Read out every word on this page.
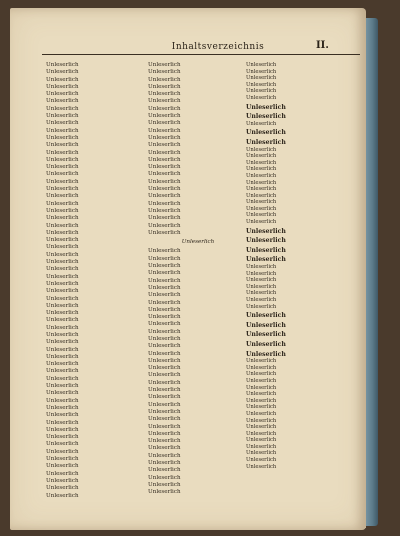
Inhaltsverzeichnis	II.
Unleserlich
Unleserlich
Unleserlich
Unleserlich
Unleserlich
Unleserlich
Unleserlich
Unleserlich
Unleserlich
Unleserlich
Unleserlich
Unleserlich
Unleserlich
Unleserlich
Unleserlich
Unleserlich
Unleserlich
Unleserlich
Unleserlich
Unleserlich
Unleserlich
Unleserlich
Unleserlich
Unleserlich
Unleserlich
Unleserlich
Unleserlich
Unleserlich
Unleserlich
Unleserlich
Unleserlich
Unleserlich
Unleserlich
Unleserlich
Unleserlich
Unleserlich
Unleserlich
Unleserlich
Unleserlich
Unleserlich
Unleserlich
Unleserlich
Unleserlich
Unleserlich
Unleserlich
Unleserlich
Unleserlich
Unleserlich
Unleserlich
Unleserlich
Unleserlich
Unleserlich
Unleserlich
Unleserlich
Unleserlich
Unleserlich
Unleserlich
Unleserlich
Unleserlich
Unleserlich
Unleserlich
Unleserlich
Unleserlich
Unleserlich
Unleserlich
Unleserlich
Unleserlich
Unleserlich
Unleserlich
Unleserlich
Unleserlich
Unleserlich
Unleserlich
Unleserlich
Unleserlich
Unleserlich
Unleserlich
Unleserlich
Unleserlich
Unleserlich
Unleserlich
Unleserlich
Unleserlich
Unleserlich
Unleserlich
Unleserlich
Unleserlich
Unleserlich
Unleserlich
Unleserlich
Unleserlich
Unleserlich
Unleserlich
Unleserlich
Unleserlich
Unleserlich
Unleserlich
Unleserlich
Unleserlich
Unleserlich
Unleserlich
Unleserlich
Unleserlich
Unleserlich
Unleserlich
Unleserlich
Unleserlich
Unleserlich
Unleserlich
Unleserlich
Unleserlich
Unleserlich
Unleserlich
Unleserlich
Unleserlich
Unleserlich
Unleserlich
Unleserlich
Unleserlich
Unleserlich
Unleserlich
Unleserlich
Unleserlich
Unleserlich
Unleserlich
Unleserlich
Unleserlich
Unleserlich
Unleserlich
Unleserlich
Unleserlich
Unleserlich
Unleserlich
Unleserlich
Unleserlich
Unleserlich
Unleserlich
Unleserlich
Unleserlich
Unleserlich
Unleserlich
Unleserlich
Unleserlich
Unleserlich
Unleserlich
Unleserlich
Unleserlich
Unleserlich
Unleserlich
Unleserlich
Unleserlich
Unleserlich
Unleserlich
Unleserlich
Unleserlich
Unleserlich
Unleserlich
Unleserlich
Unleserlich
Unleserlich
Unleserlich
Unleserlich
Unleserlich
Unleserlich
Unleserlich
Unleserlich
Unleserlich
Unleserlich
Unleserlich
Unleserlich
Unleserlich
Unleserlich
Unleserlich
Unleserlich
Unleserlich
